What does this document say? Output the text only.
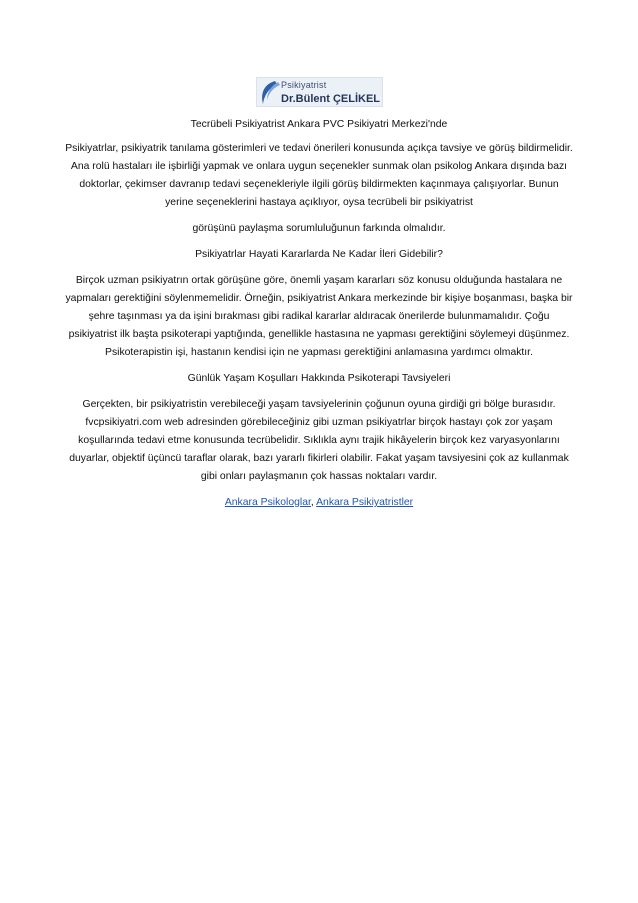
Psikiyatrist
Dr.Bülent ÇELİKEL

Tecrübeli Psikiyatrist Ankara PVC Psikiyatri Merkezi'nde

Psikiyatrlar, psikiyatrik tanılama gösterimleri ve tedavi önerileri konusunda açıkça tavsiye ve görüş bildirmelidir. Ana rolü hastaları ile işbirliği yapmak ve onlara uygun seçenekler sunmak olan psikolog Ankara dışında bazı doktorlar, çekimser davranıp tedavi seçenekleriyle ilgili görüş bildirmekten kaçınmaya çalışıyorlar. Bunun yerine seçeneklerini hastaya açıklıyor, oysa tecrübeli bir psikiyatrist

görüşünü paylaşma sorumluluğunun farkında olmalıdır.

Psikiyatrlar Hayati Kararlarda Ne Kadar İleri Gidebilir?

Birçok uzman psikiyatrın ortak görüşüne göre, önemli yaşam kararları söz konusu olduğunda hastalara ne yapmaları gerektiğini söylenmemelidir. Örneğin, psikiyatrist Ankara merkezinde bir kişiye boşanması, başka bir şehre taşınması ya da işini bırakması gibi radikal kararlar aldıracak önerilerde bulunmamalıdır. Çoğu psikiyatrist ilk başta psikoterapi yaptığında, genellikle hastasına ne yapması gerektiğini söylemeyi düşünmez. Psikoterapistin işi, hastanın kendisi için ne yapması gerektiğini anlamasına yardımcı olmaktır.

Günlük Yaşam Koşulları Hakkında Psikoterapi Tavsiyeleri

Gerçekten, bir psikiyatristin verebileceği yaşam tavsiyelerinin çoğunun oyuna girdiği gri bölge burasıdır. fvcpsikiyatri.com web adresinden görebileceğiniz gibi uzman psikiyatrlar birçok hastayı çok zor yaşam koşullarında tedavi etme konusunda tecrübelidir. Sıklıkla aynı trajik hikâyelerin birçok kez varyasyonlarını duyarlar, objektif üçüncü taraflar olarak, bazı yararlı fikirleri olabilir. Fakat yaşam tavsiyesini çok az kullanmak gibi onları paylaşmanın çok hassas noktaları vardır.

Ankara Psikologlar, Ankara Psikiyatristler
